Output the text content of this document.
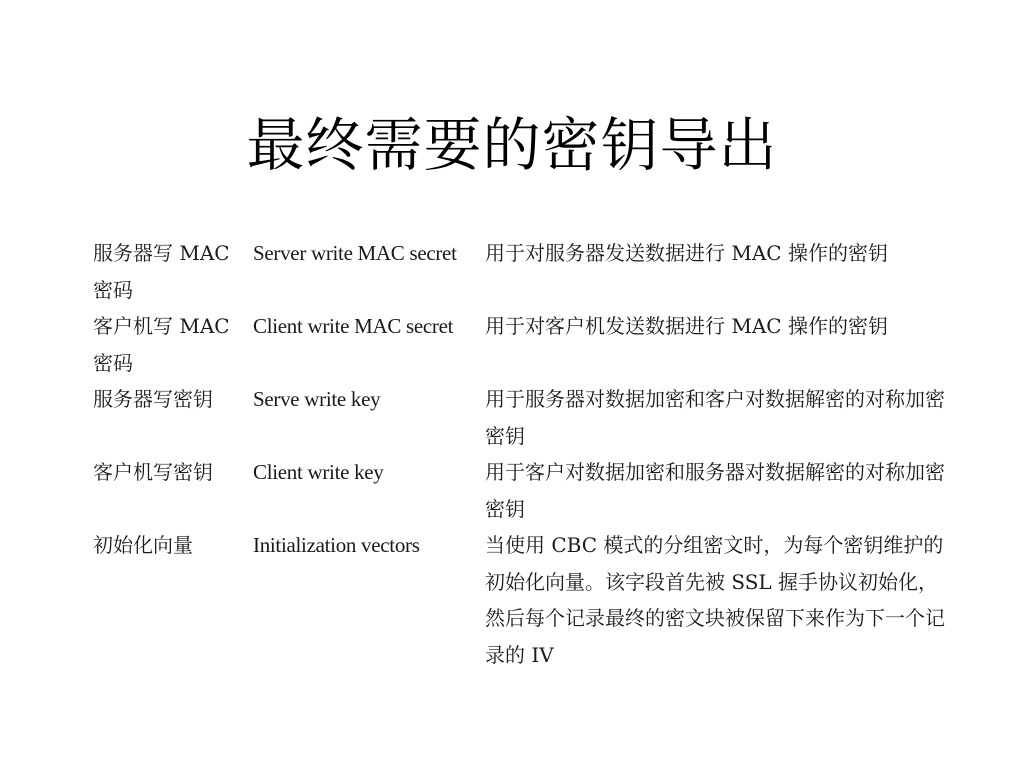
最终需要的密钥导出
服务器写 MAC 密码	Server write MAC secret	用于对服务器发送数据进行 MAC 操作的密钥
客户机写 MAC 密码	Client write MAC secret	用于对客户机发送数据进行 MAC 操作的密钥
服务器写密钥	Serve write key	用于服务器对数据加密和客户对数据解密的对称加密密钥
客户机写密钥	Client write key	用于客户对数据加密和服务器对数据解密的对称加密密钥
初始化向量	Initialization vectors	当使用 CBC 模式的分组密文时，为每个密钥维护的初始化向量。该字段首先被 SSL 握手协议初始化，然后每个记录最终的密文块被保留下来作为下一个记录的 IV
